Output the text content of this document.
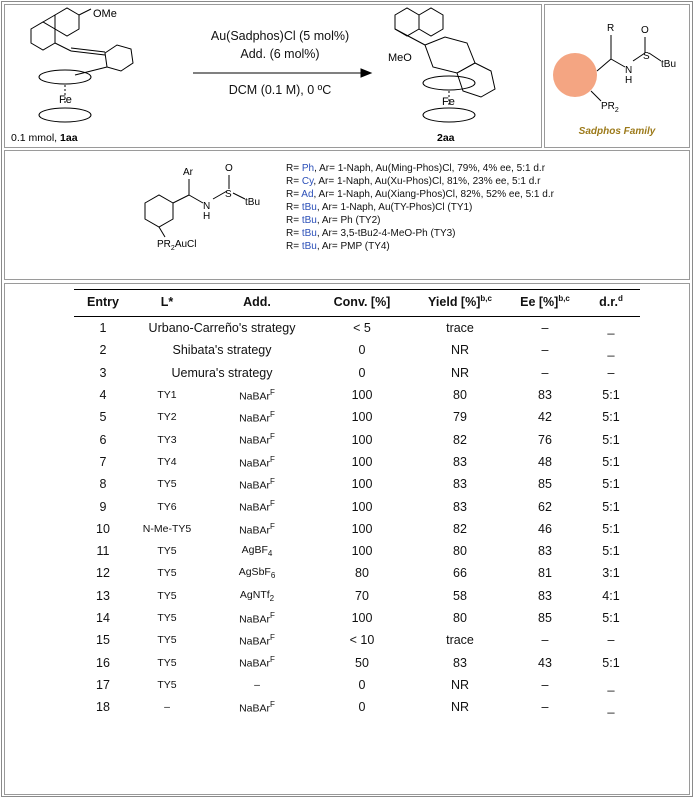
OMe
Fe
0.1 mmol, 1aa
MeO
Fe
2aa
Au(Sadphos)Cl (5 mol%)
Add. (6 mol%)
DCM (0.1 M), 0 ºC
R
N
H
S
O
tBu
$PR_2$
Sadphos Family
Ar
N
H
S
O
tBu
$PR_2AuCl$
R= Ph, Ar= 1-Naph, Au(Ming-Phos)Cl, 79%, 4% ee, 5:1 d.r
R= Cy, Ar= 1-Naph, Au(Xu-Phos)Cl, 81%, 23% ee, 5:1 d.r
R= Ad, Ar= 1-Naph, Au(Xiang-Phos)Cl, 82%, 52% ee, 5:1 d.r
R= tBu, Ar= 1-Naph, Au(TY-Phos)Cl (TY1)
R= tBu, Ar= Ph (TY2)
R= tBu, Ar= 3,5-tBu2-4-MeO-Ph (TY3)
R= tBu, Ar= PMP (TY4)
Entry	L*	Add.	Conv. [%]	Yield [%]$^{b,c}$	Ee [%]$^{b,c}$	d.r.$^d$
1	Urbano-Carreño's strategy		< 5	trace	–	_
2	Shibata's strategy		0	NR	–	_
3	Uemura's strategy		0	NR	–	–
4	TY1	NaBAr$^F$	100	80	83	5:1
5	TY2	NaBAr$^F$	100	79	42	5:1
6	TY3	NaBAr$^F$	100	82	76	5:1
7	TY4	NaBAr$^F$	100	83	48	5:1
8	TY5	NaBAr$^F$	100	83	85	5:1
9	TY6	NaBAr$^F$	100	83	62	5:1
10	N-Me-TY5	NaBAr$^F$	100	82	46	5:1
11	TY5	AgBF$_4$	100	80	83	5:1
12	TY5	AgSbF$_6$	80	66	81	3:1
13	TY5	AgNTf$_2$	70	58	83	4:1
14	TY5	NaBAr$^F$	100	80	85	5:1
15	TY5	NaBAr$^F$	< 10	trace	–	–
16	TY5	NaBAr$^F$	50	83	43	5:1
17	TY5	–	0	NR	–	_
18	–	NaBAr$^F$	0	NR	–	_
